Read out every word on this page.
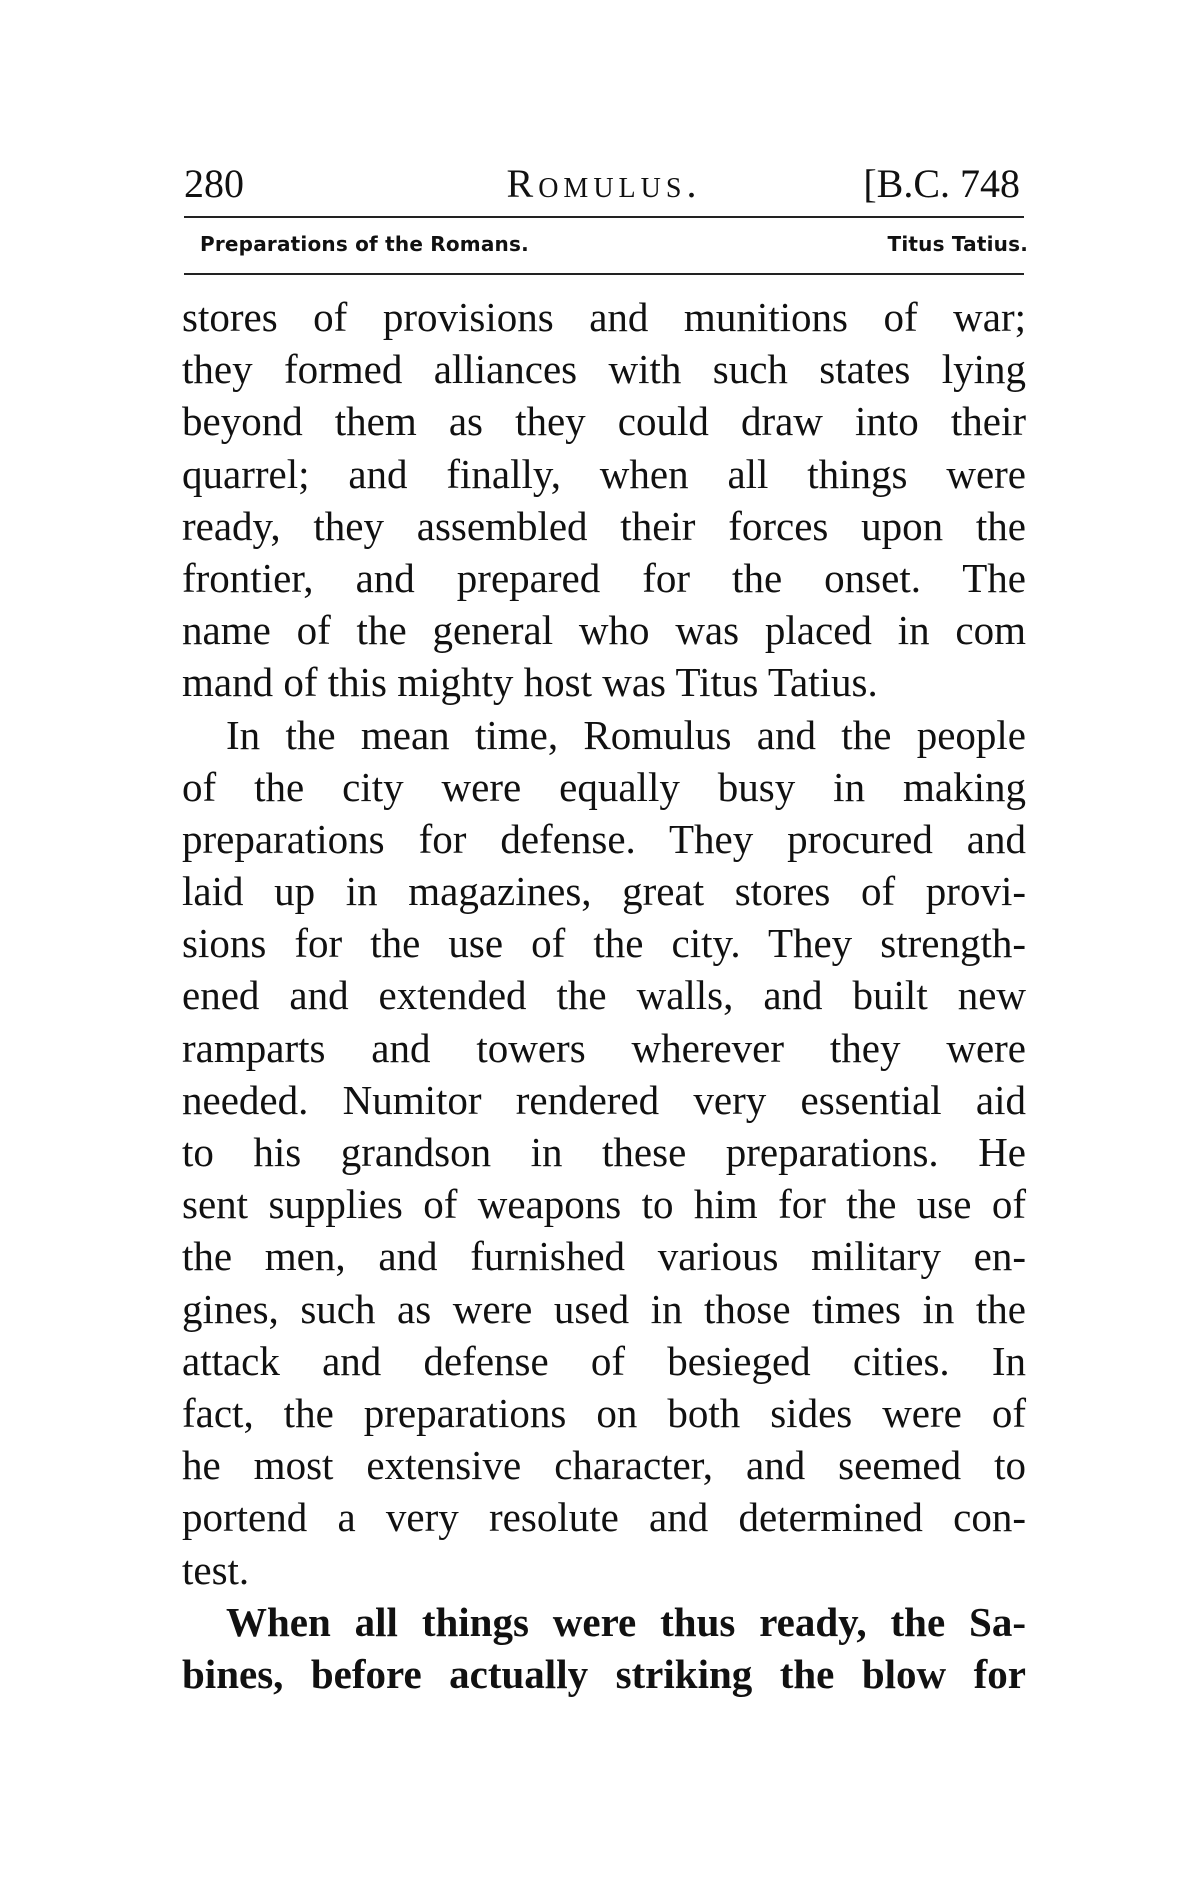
280	Romulus.	[B.C. 748
Preparations of the Romans.	Titus Tatius.
stores of provisions and munitions of war;
they formed alliances with such states lying
beyond them as they could draw into their
quarrel; and finally, when all things were
ready, they assembled their forces upon the
frontier, and prepared for the onset. The
name of the general who was placed in com
mand of this mighty host was Titus Tatius.
In the mean time, Romulus and the people
of the city were equally busy in making
preparations for defense. They procured and
laid up in magazines, great stores of provi-
sions for the use of the city. They strength-
ened and extended the walls, and built new
ramparts and towers wherever they were
needed. Numitor rendered very essential aid
to his grandson in these preparations. He
sent supplies of weapons to him for the use of
the men, and furnished various military en-
gines, such as were used in those times in the
attack and defense of besieged cities. In
fact, the preparations on both sides were of
he most extensive character, and seemed to
portend a very resolute and determined con-
test.
When all things were thus ready, the Sa-
bines, before actually striking the blow for
